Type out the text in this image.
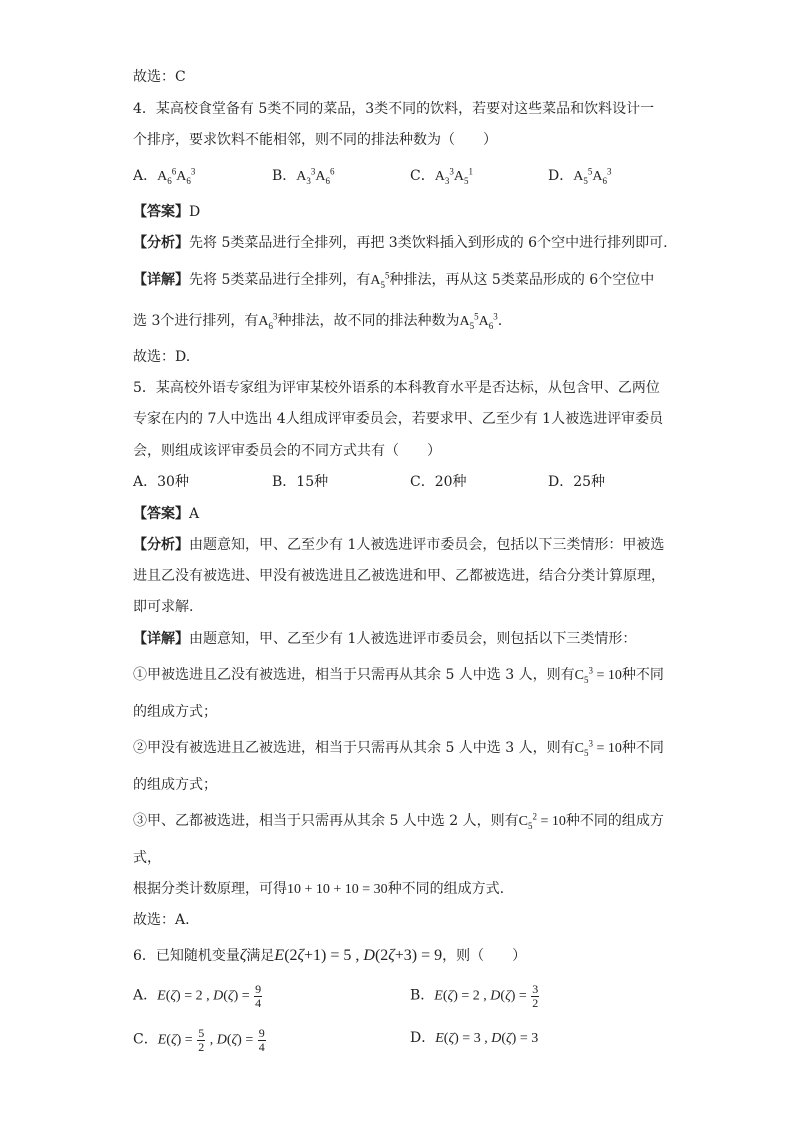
故选：C
4．某高校食堂备有 5类不同的菜品，3类不同的饮料，若要对这些菜品和饮料设计一
个排序，要求饮料不能相邻，则不同的排法种数为（　　）
A．$A_6^6A_6^3$	B．$A_3^3A_6^6$	C．$A_3^3A_5^1$	D．$A_5^5A_6^3$
【答案】D
【分析】先将 5类菜品进行全排列，再把 3类饮料插入到形成的 6个空中进行排列即可.
【详解】先将 5类菜品进行全排列，有$A_5^5$种排法，再从这 5类菜品形成的 6个空位中
选 3个进行排列，有$A_6^3$种排法，故不同的排法种数为$A_5^5A_6^3$.
故选：D.
5．某高校外语专家组为评审某校外语系的本科教育水平是否达标，从包含甲、乙两位
专家在内的 7人中选出 4人组成评审委员会，若要求甲、乙至少有 1人被选进评审委员
会，则组成该评审委员会的不同方式共有（　　）
A．30种	B．15种	C．20种	D．25种
【答案】A
【分析】由题意知，甲、乙至少有 1人被选进评市委员会，包括以下三类情形：甲被选
进且乙没有被选进、甲没有被选进且乙被选进和甲、乙都被选进，结合分类计算原理，
即可求解.
【详解】由题意知，甲、乙至少有 1人被选进评市委员会，则包括以下三类情形：
①甲被选进且乙没有被选进，相当于只需再从其余 5 人中选 3 人，则有$C_5^3 = 10$种不同
的组成方式；
②甲没有被选进且乙被选进，相当于只需再从其余 5 人中选 3 人，则有$C_5^3 = 10$种不同
的组成方式；
③甲、乙都被选进，相当于只需再从其余 5 人中选 2 人，则有$C_5^2 = 10$种不同的组成方
式，
根据分类计数原理，可得10 + 10 + 10 = 30种不同的组成方式.
故选：A.
6．已知随机变量ζ满足E(2ζ+1) = 5 , D(2ζ+3) = 9，则（　　）
A．E(ζ) = 2 , $D(\zeta) = \frac{9}{4}$	B．E(ζ) = 2 , $D(\zeta) = \frac{3}{2}$
C．$E(\zeta) = \frac{5}{2}$ , $D(\zeta) = \frac{9}{4}$	D．E(ζ) = 3 , D(ζ) = 3
